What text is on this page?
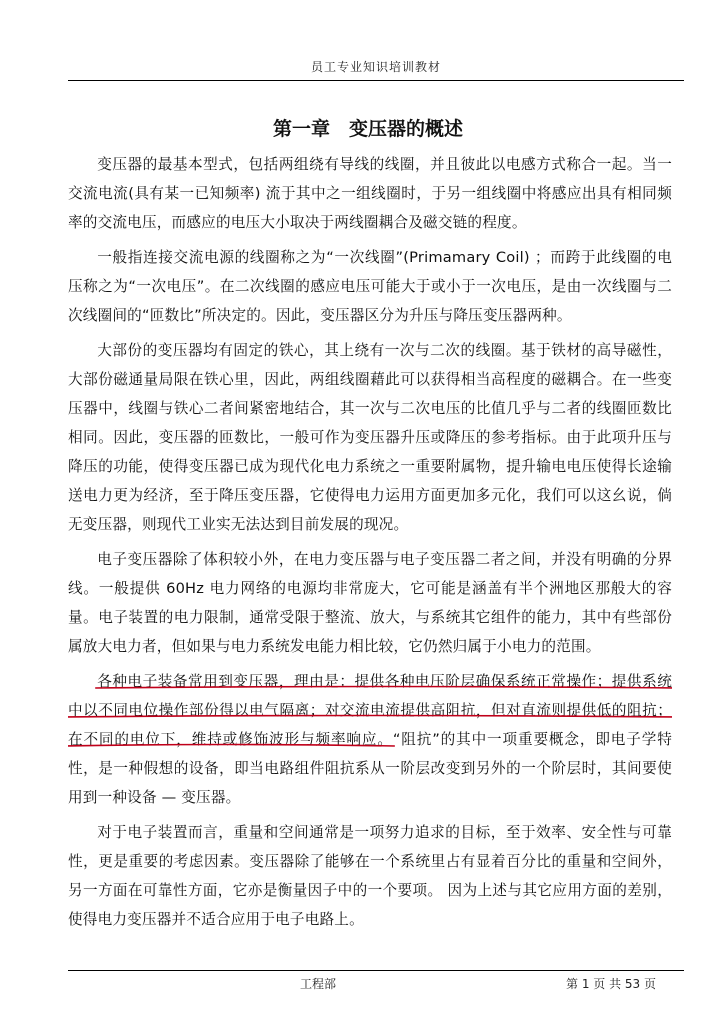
员工专业知识培训教材
第一章　变压器的概述

变压器的最基本型式，包括两组绕有导线的线圈，并且彼此以电感方式称合一起。当一交流电流(具有某一已知频率) 流于其中之一组线圈时，于另一组线圈中将感应出具有相同频率的交流电压，而感应的电压大小取决于两线圈耦合及磁交链的程度。

一般指连接交流电源的线圈称之为“一次线圈”(Primamary Coil) ；而跨于此线圈的电压称之为“一次电压”。在二次线圈的感应电压可能大于或小于一次电压，是由一次线圈与二次线圈间的“匝数比”所决定的。因此，变压器区分为升压与降压变压器两种。

大部份的变压器均有固定的铁心，其上绕有一次与二次的线圈。基于铁材的高导磁性，大部份磁通量局限在铁心里，因此，两组线圈藉此可以获得相当高程度的磁耦合。在一些变压器中，线圈与铁心二者间紧密地结合，其一次与二次电压的比值几乎与二者的线圈匝数比相同。因此，变压器的匝数比，一般可作为变压器升压或降压的参考指标。由于此项升压与降压的功能，使得变压器已成为现代化电力系统之一重要附属物，提升输电电压使得长途输送电力更为经济，至于降压变压器，它使得电力运用方面更加多元化，我们可以这幺说，倘无变压器，则现代工业实无法达到目前发展的现况。

电子变压器除了体积较小外，在电力变压器与电子变压器二者之间，并没有明确的分界线。一般提供 60Hz 电力网络的电源均非常庞大，它可能是涵盖有半个洲地区那般大的容量。电子装置的电力限制，通常受限于整流、放大，与系统其它组件的能力，其中有些部份属放大电力者，但如果与电力系统发电能力相比较，它仍然归属于小电力的范围。

各种电子装备常用到变压器，理由是：提供各种电压阶层确保系统正常操作；提供系统中以不同电位操作部份得以电气隔离；对交流电流提供高阻抗，但对直流则提供低的阻抗；在不同的电位下，维持或修饰波形与频率响应。“阻抗”的其中一项重要概念，即电子学特性，是一种假想的设备，即当电路组件阻抗系从一阶层改变到另外的一个阶层时，其间要使用到一种设备 — 变压器。

对于电子装置而言，重量和空间通常是一项努力追求的目标，至于效率、安全性与可靠性，更是重要的考虑因素。变压器除了能够在一个系统里占有显着百分比的重量和空间外，另一方面在可靠性方面，它亦是衡量因子中的一个要项。 因为上述与其它应用方面的差别，使得电力变压器并不适合应用于电子电路上。

工程部	第 1 页 共 53 页
